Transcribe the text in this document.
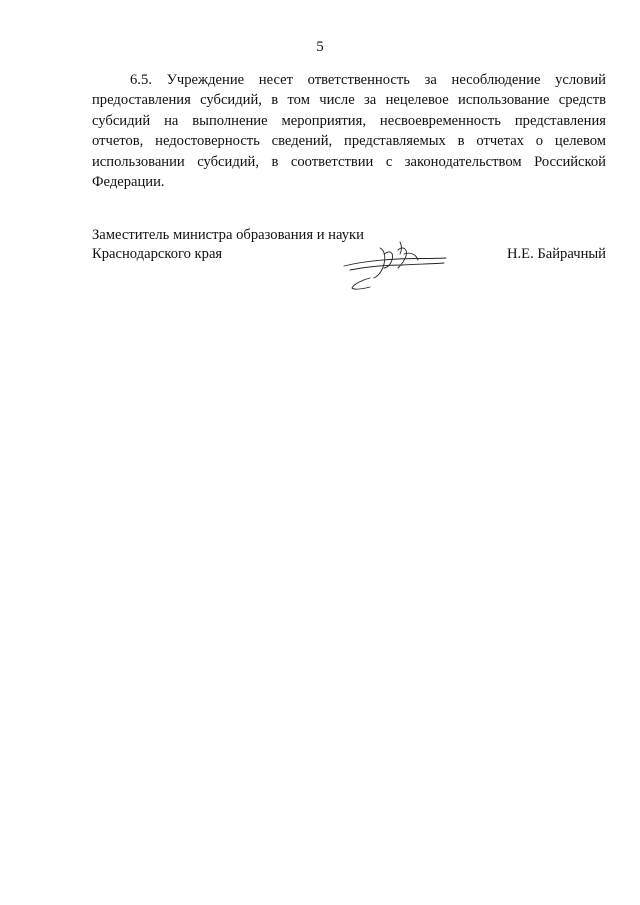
5

6.5. Учреждение несет ответственность за несоблюдение условий предоставления субсидий, в том числе за нецелевое использование средств субсидий на выполнение мероприятия, несвоевременность представления отчетов, недостоверность сведений, представляемых в отчетах о целевом использовании субсидий, в соответствии с законодательством Российской Федерации.

Заместитель министра образования и науки
Краснодарского края	Н.Е. Байрачный
